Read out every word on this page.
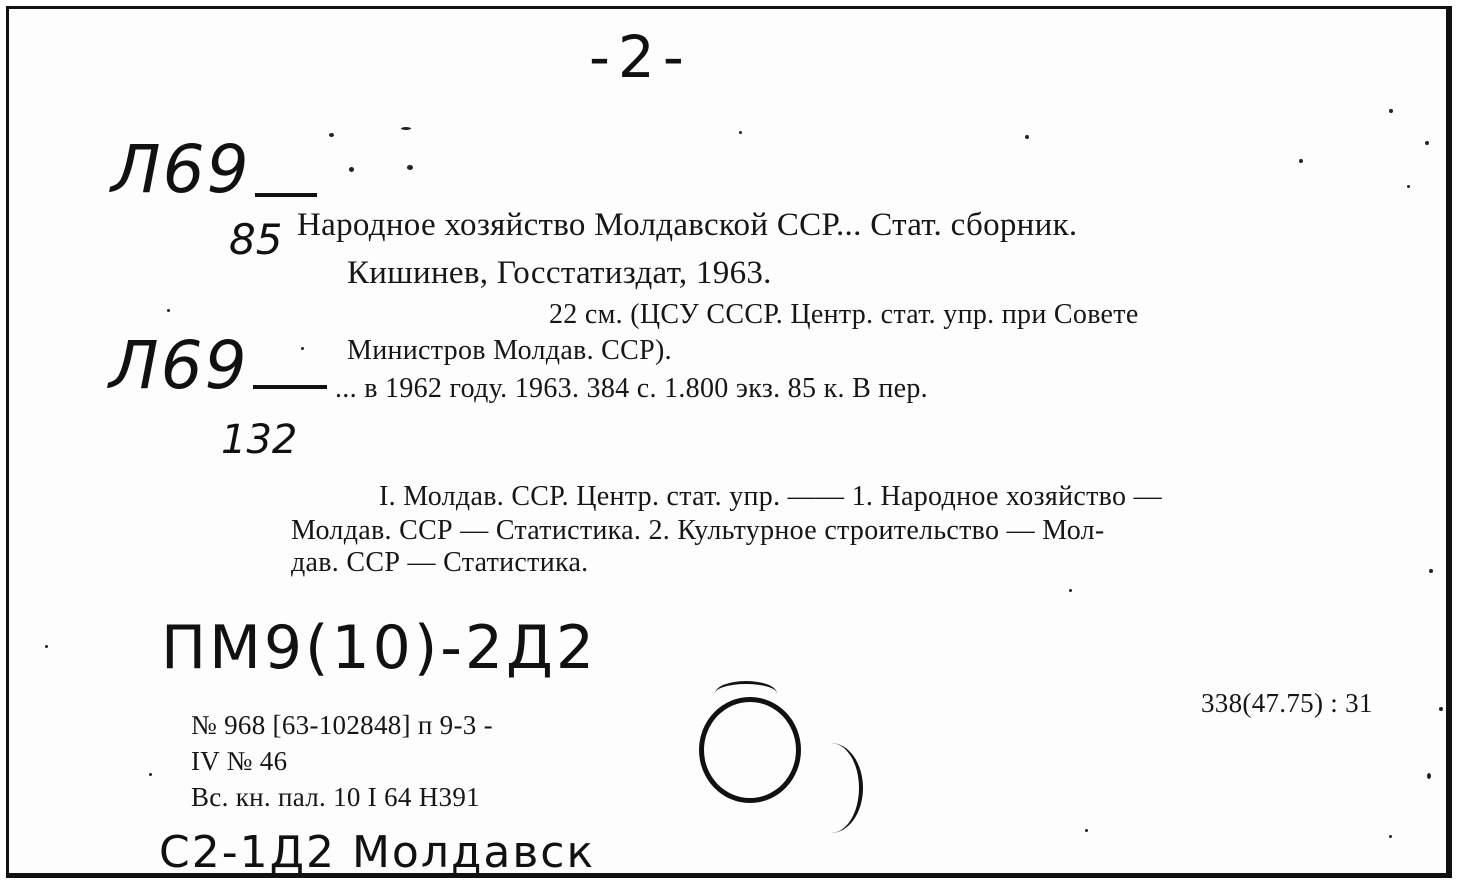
-2-
Л69
85 Народное хозяйство Молдавской ССР... Стат. сборник.
Кишинев, Госстатиздат, 1963.
22 см. (ЦСУ СССР. Центр. стат. упр. при Совете
Министров Молдав. ССР).
... в 1962 году. 1963. 384 с. 1.800 экз. 85 к. В пер.
Л69
132
I. Молдав. ССР. Центр. стат. упр. —— 1. Народное хозяйство —
Молдав. ССР — Статистика. 2. Культурное строительство — Мол-
дав. ССР — Статистика.
ПМ9(10)-2Д2
№ 968 [63-102848] п 9-3 -
IV № 46
Вс. кн. пал. 10 I 64 Н391
338(47.75) : 31
С2-1Д2 Молдавск
